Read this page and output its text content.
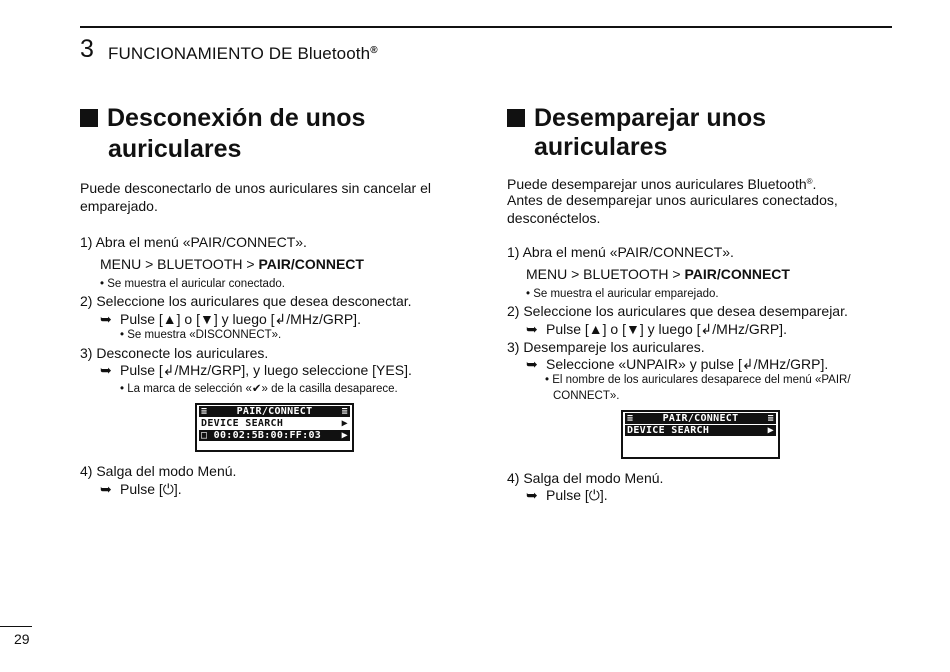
3 FUNCIONAMIENTO DE Bluetooth®
Desconexión de unos
auriculares
Puede desconectarlo de unos auriculares sin cancelar el
emparejado.
1) Abra el menú «PAIR/CONNECT».
MENU > BLUETOOTH > PAIR/CONNECT
• Se muestra el auricular conectado.
2) Seleccione los auriculares que desea desconectar.
➥ Pulse [▲] o [▼] y luego [↲/MHz/GRP].
• Se muestra «DISCONNECT».
3) Desconecte los auriculares.
➥ Pulse [↲/MHz/GRP], y luego seleccione [YES].
• La marca de selección «✔» de la casilla desaparece.
≡	PAIR/CONNECT	≡
DEVICE SEARCH	▶
□ 00:02:5B:00:FF:03 ▶
4) Salga del modo Menú.
➥ Pulse [⏻].
Desemparejar unos
auriculares
Puede desemparejar unos auriculares Bluetooth®.
Antes de desemparejar unos auriculares conectados,
desconéctelos.
1) Abra el menú «PAIR/CONNECT».
MENU > BLUETOOTH > PAIR/CONNECT
• Se muestra el auricular emparejado.
2) Seleccione los auriculares que desea desemparejar.
➥ Pulse [▲] o [▼] y luego [↲/MHz/GRP].
3) Desempareje los auriculares.
➥ Seleccione «UNPAIR» y pulse [↲/MHz/GRP].
• El nombre de los auriculares desaparece del menú «PAIR/
CONNECT».
≡	PAIR/CONNECT	≡
DEVICE SEARCH	▶
4) Salga del modo Menú.
➥ Pulse [⏻].
29
